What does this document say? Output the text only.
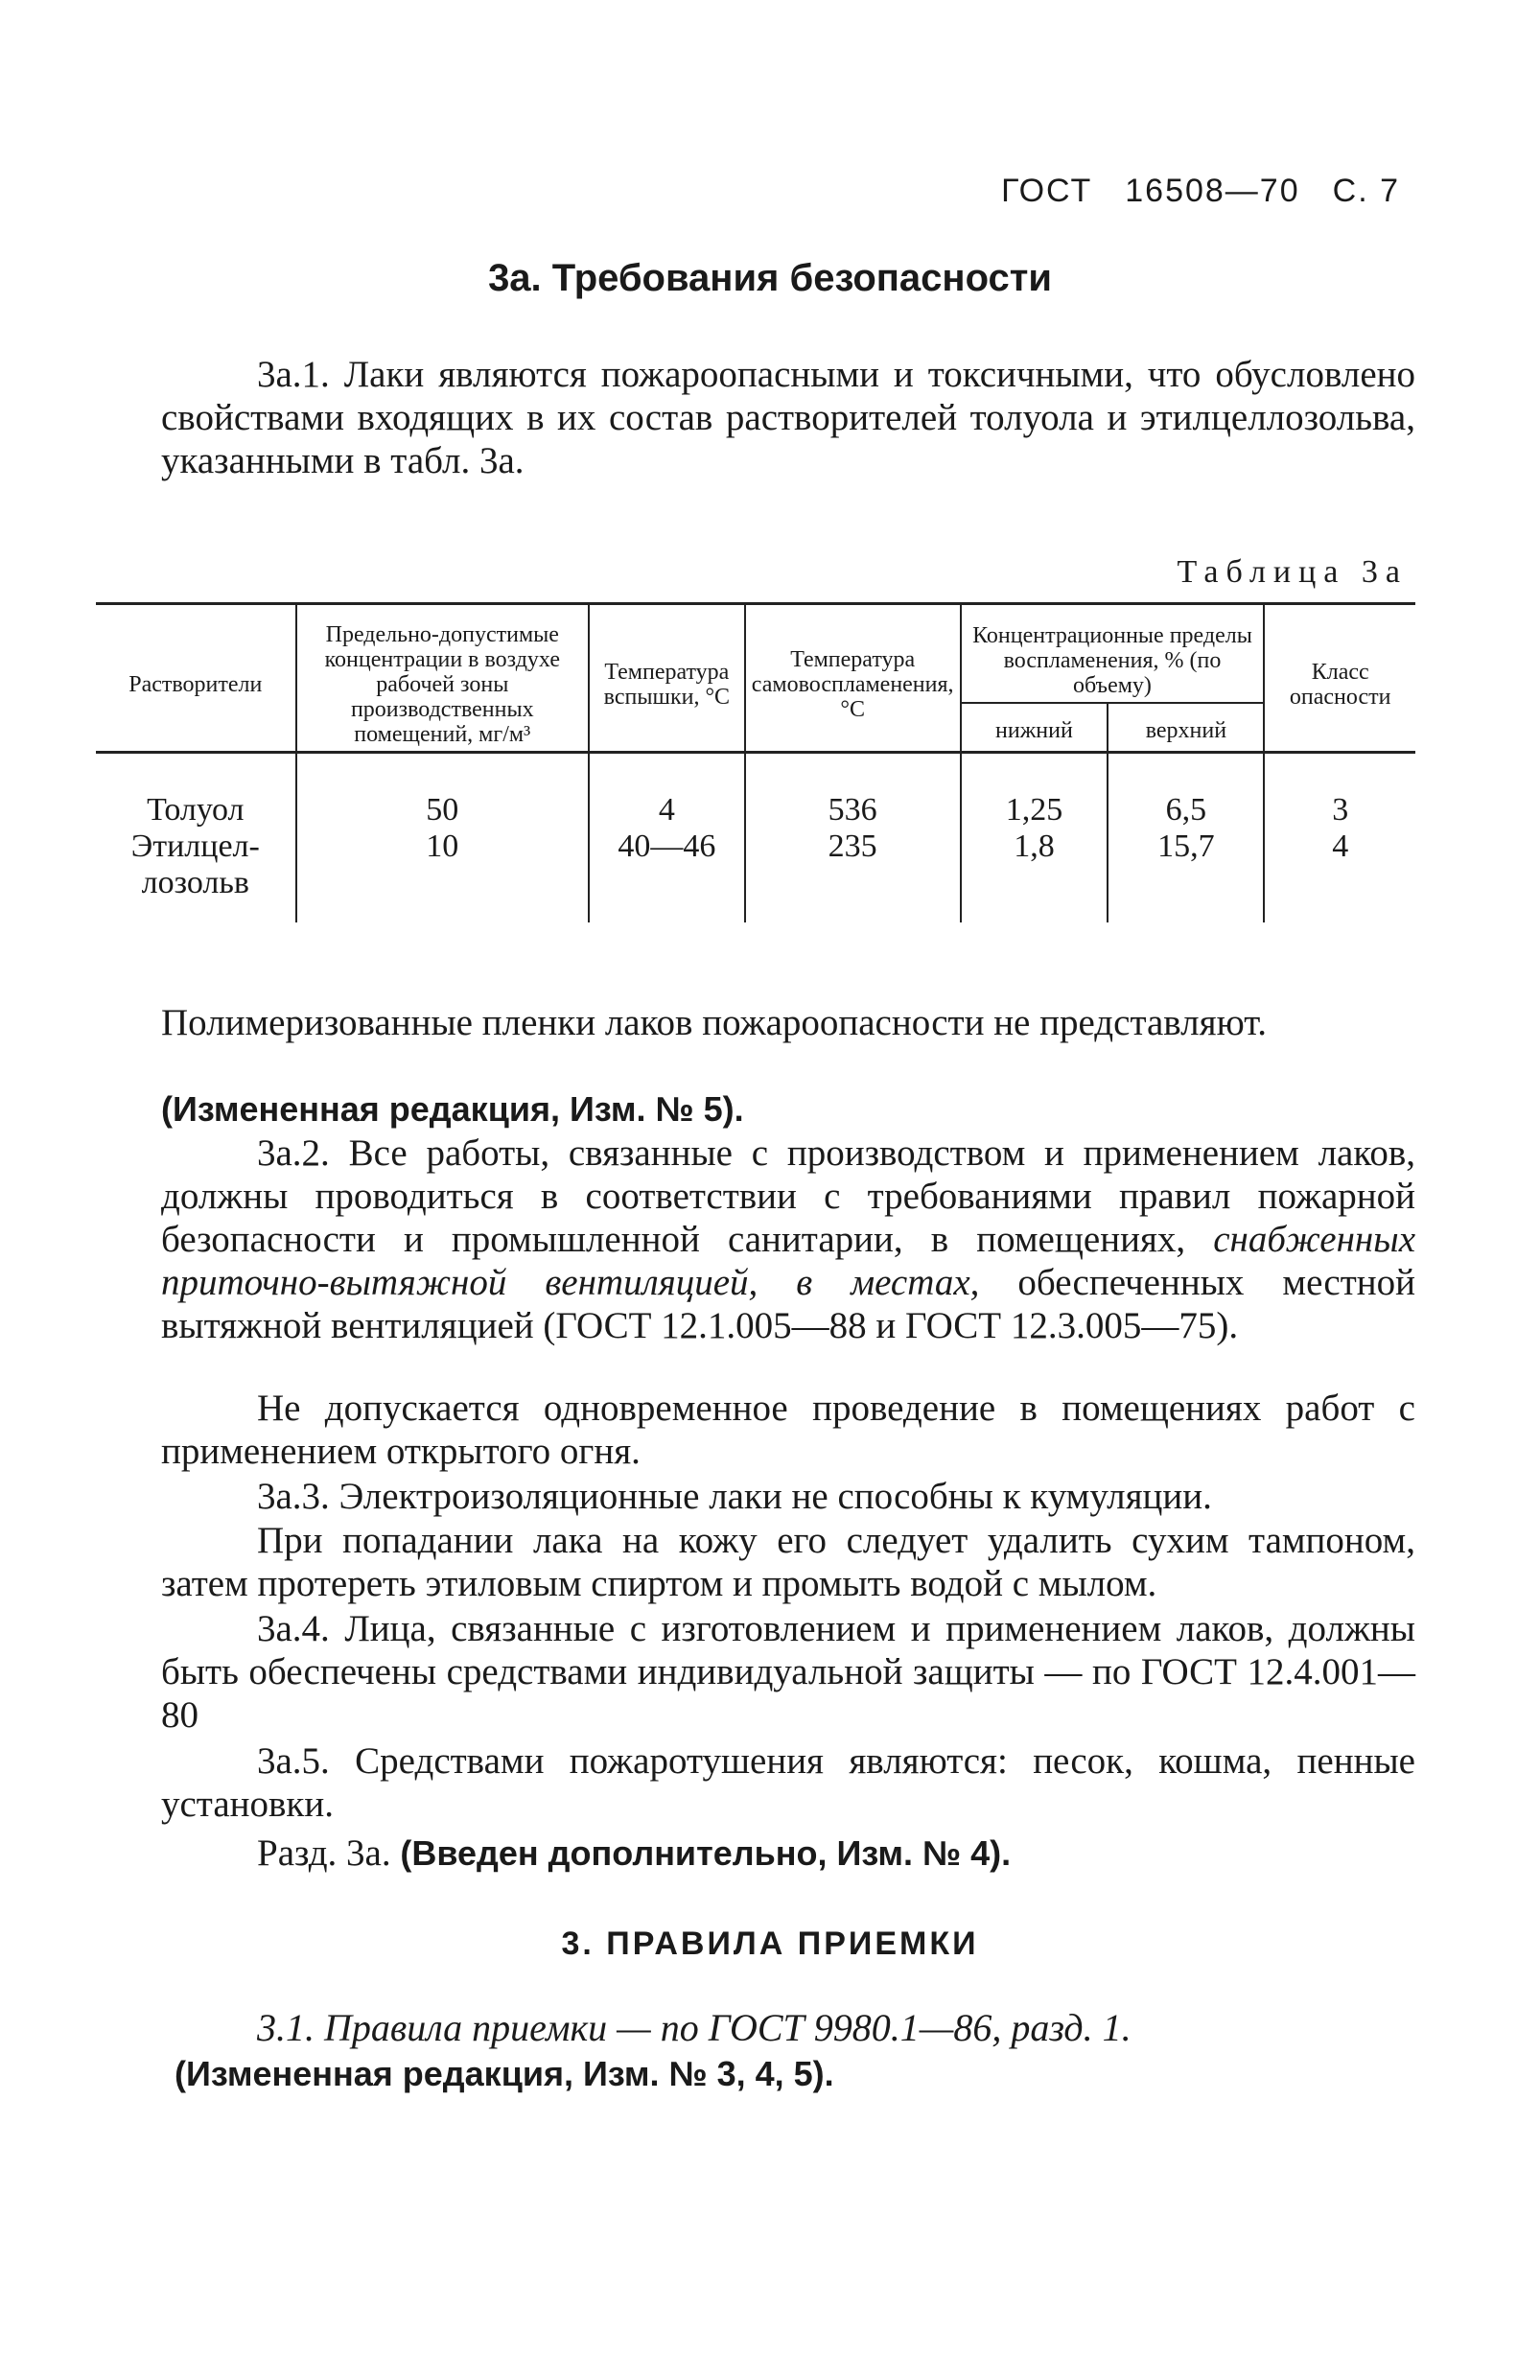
ГОСТ 16508—70 С. 7
3а. Требования безопасности
3а.1. Лаки являются пожароопасными и токсичными, что обусловлено свойствами входящих в их состав растворителей толуола и этилцеллозольва, указанными в табл. 3а.
Таблица 3а
Растворители	Предельно-допустимые концентрации в воздухе рабочей зоны производственных помещений, мг/м³	Температура вспышки, °С	Температура самовоспламенения, °С	Концентрационные пределы воспламенения, % (по объему)		Класс опасности
				нижний	верхний	
Толуол	50	4	536	1,25	6,5	3
Этилцел-
лозольв	10	40—46	235	1,8	15,7	4
Полимеризованные пленки лаков пожароопасности не представляют.
(Измененная редакция, Изм. № 5).
3а.2. Все работы, связанные с производством и применением лаков, должны проводиться в соответствии с требованиями правил пожарной безопасности и промышленной санитарии, в помещениях, снабженных приточно-вытяжной вентиляцией, в местах, обеспеченных местной вытяжной вентиляцией (ГОСТ 12.1.005—88 и ГОСТ 12.3.005—75).
Не допускается одновременное проведение в помещениях работ с применением открытого огня.
3а.3. Электроизоляционные лаки не способны к кумуляции.
При попадании лака на кожу его следует удалить сухим тампоном, затем протереть этиловым спиртом и промыть водой с мылом.
3а.4. Лица, связанные с изготовлением и применением лаков, должны быть обеспечены средствами индивидуальной защиты — по ГОСТ 12.4.001—80
3а.5. Средствами пожаротушения являются: песок, кошма, пенные установки.
Разд. 3а. (Введен дополнительно, Изм. № 4).
3. ПРАВИЛА ПРИЕМКИ
3.1. Правила приемки — по ГОСТ 9980.1—86, разд. 1.
(Измененная редакция, Изм. № 3, 4, 5).
